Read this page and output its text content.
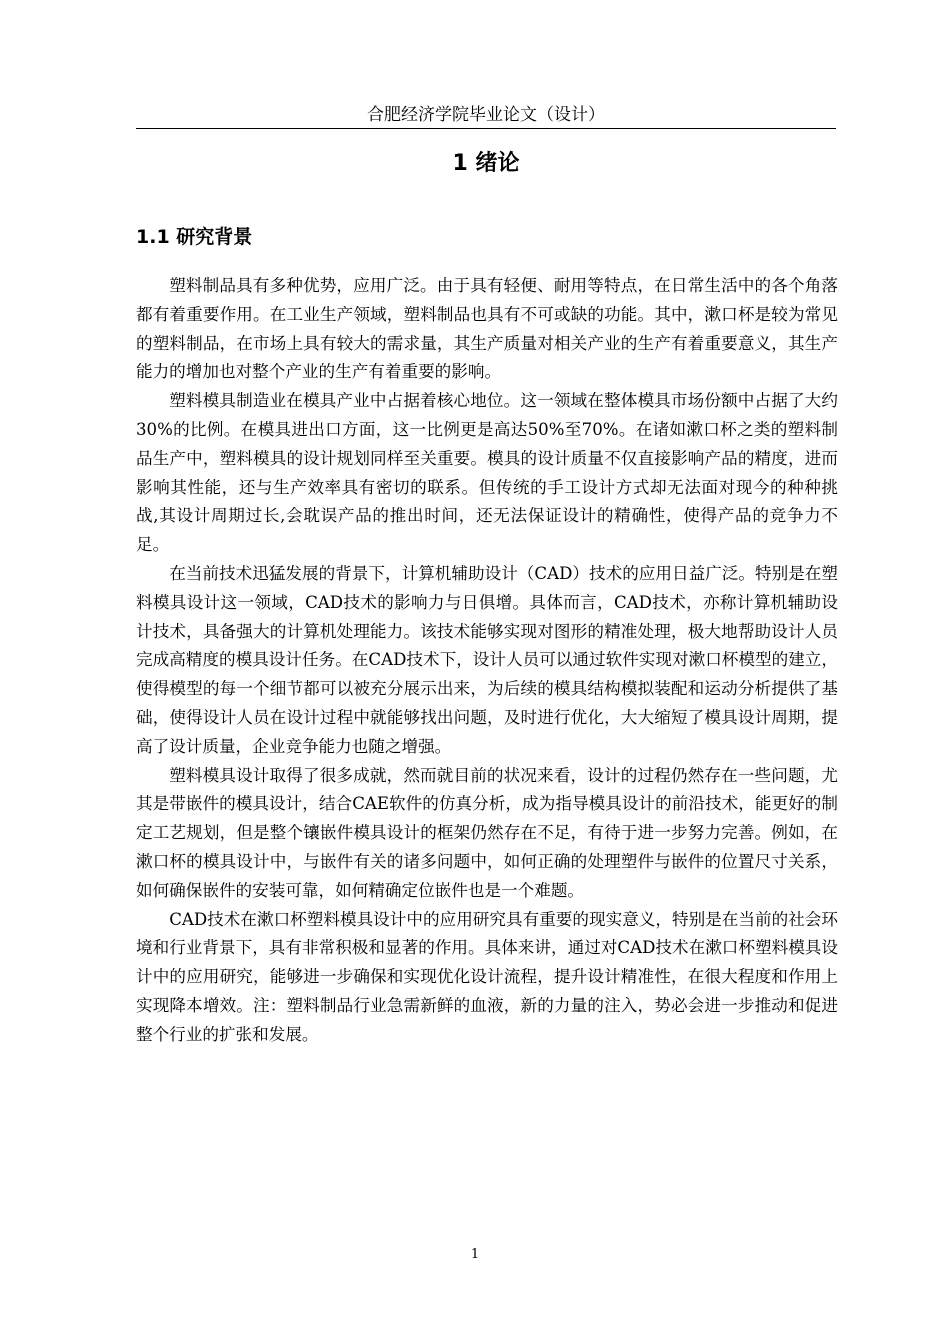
合肥经济学院毕业论文（设计）
1 绪论
1.1 研究背景

塑料制品具有多种优势，应用广泛。由于具有轻便、耐用等特点，在日常生活中的各个角落都有着重要作用。在工业生产领域，塑料制品也具有不可或缺的功能。其中，漱口杯是较为常见的塑料制品，在市场上具有较大的需求量，其生产质量对相关产业的生产有着重要意义，其生产能力的增加也对整个产业的生产有着重要的影响。

塑料模具制造业在模具产业中占据着核心地位。这一领域在整体模具市场份额中占据了大约30%的比例。在模具进出口方面，这一比例更是高达50%至70%。在诸如漱口杯之类的塑料制品生产中，塑料模具的设计规划同样至关重要。模具的设计质量不仅直接影响产品的精度，进而影响其性能，还与生产效率具有密切的联系。但传统的手工设计方式却无法面对现今的种种挑战,其设计周期过长,会耽误产品的推出时间，还无法保证设计的精确性，使得产品的竞争力不足。

在当前技术迅猛发展的背景下，计算机辅助设计（CAD）技术的应用日益广泛。特别是在塑料模具设计这一领域，CAD技术的影响力与日俱增。具体而言，CAD技术，亦称计算机辅助设计技术，具备强大的计算机处理能力。该技术能够实现对图形的精准处理，极大地帮助设计人员完成高精度的模具设计任务。在CAD技术下，设计人员可以通过软件实现对漱口杯模型的建立，使得模型的每一个细节都可以被充分展示出来，为后续的模具结构模拟装配和运动分析提供了基础，使得设计人员在设计过程中就能够找出问题，及时进行优化，大大缩短了模具设计周期，提高了设计质量，企业竞争能力也随之增强。

塑料模具设计取得了很多成就，然而就目前的状况来看，设计的过程仍然存在一些问题，尤其是带嵌件的模具设计，结合CAE软件的仿真分析，成为指导模具设计的前沿技术，能更好的制定工艺规划，但是整个镶嵌件模具设计的框架仍然存在不足，有待于进一步努力完善。例如，在漱口杯的模具设计中，与嵌件有关的诸多问题中，如何正确的处理塑件与嵌件的位置尺寸关系，如何确保嵌件的安装可靠，如何精确定位嵌件也是一个难题。

CAD技术在漱口杯塑料模具设计中的应用研究具有重要的现实意义，特别是在当前的社会环境和行业背景下，具有非常积极和显著的作用。具体来讲，通过对CAD技术在漱口杯塑料模具设计中的应用研究，能够进一步确保和实现优化设计流程，提升设计精准性，在很大程度和作用上实现降本增效。注：塑料制品行业急需新鲜的血液，新的力量的注入，势必会进一步推动和促进整个行业的扩张和发展。

1
